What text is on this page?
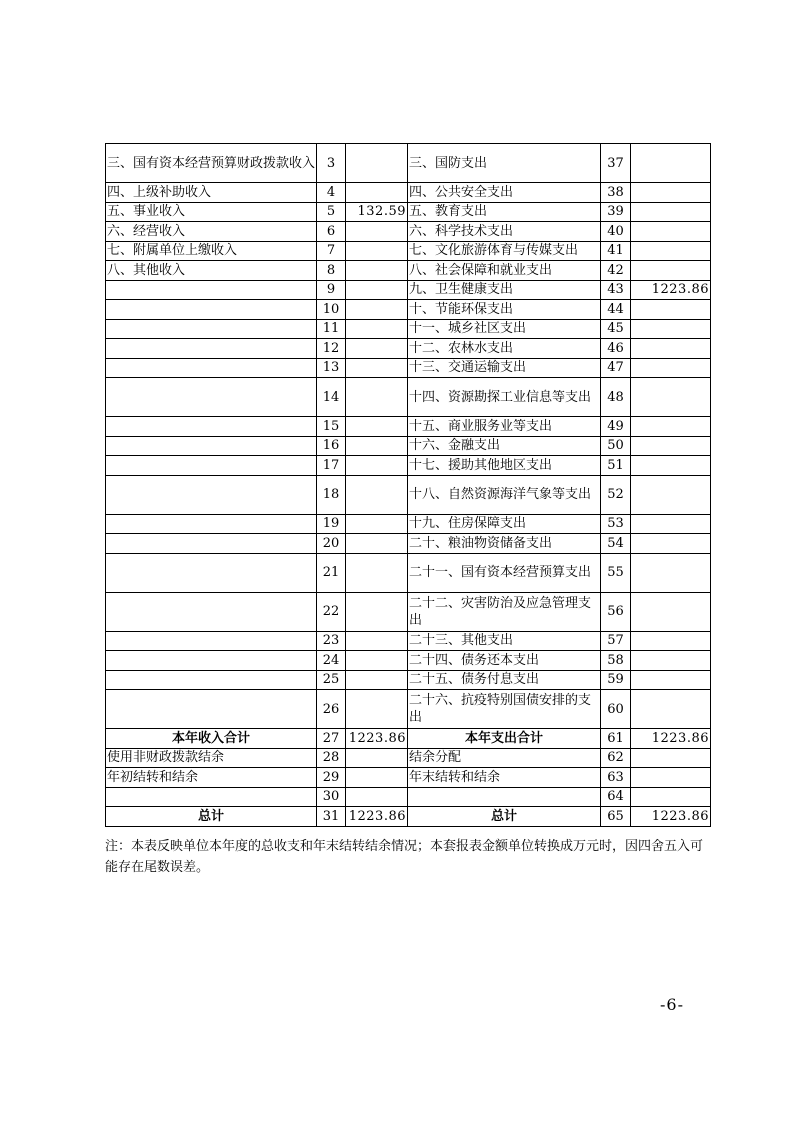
三、国有资本经营预算财政拨款收入	3		三、国防支出	37	
四、上级补助收入	4		四、公共安全支出	38	
五、事业收入	5	132.59	五、教育支出	39	
六、经营收入	6		六、科学技术支出	40	
七、附属单位上缴收入	7		七、文化旅游体育与传媒支出	41	
八、其他收入	8		八、社会保障和就业支出	42	
	9		九、卫生健康支出	43	1223.86
	10		十、节能环保支出	44	
	11		十一、城乡社区支出	45	
	12		十二、农林水支出	46	
	13		十三、交通运输支出	47	
	14		十四、资源勘探工业信息等支出	48	
	15		十五、商业服务业等支出	49	
	16		十六、金融支出	50	
	17		十七、援助其他地区支出	51	
	18		十八、自然资源海洋气象等支出	52	
	19		十九、住房保障支出	53	
	20		二十、粮油物资储备支出	54	
	21		二十一、国有资本经营预算支出	55	
	22		二十二、灾害防治及应急管理支出	56	
	23		二十三、其他支出	57	
	24		二十四、债务还本支出	58	
	25		二十五、债务付息支出	59	
	26		二十六、抗疫特别国债安排的支出	60	
本年收入合计	27	1223.86	本年支出合计	61	1223.86
使用非财政拨款结余	28		结余分配	62	
年初结转和结余	29		年末结转和结余	63	
	30			64	
总计	31	1223.86	总计	65	1223.86

注：本表反映单位本年度的总收支和年末结转结余情况；本套报表金额单位转换成万元时，因四舍五入可能存在尾数误差。

-6-
